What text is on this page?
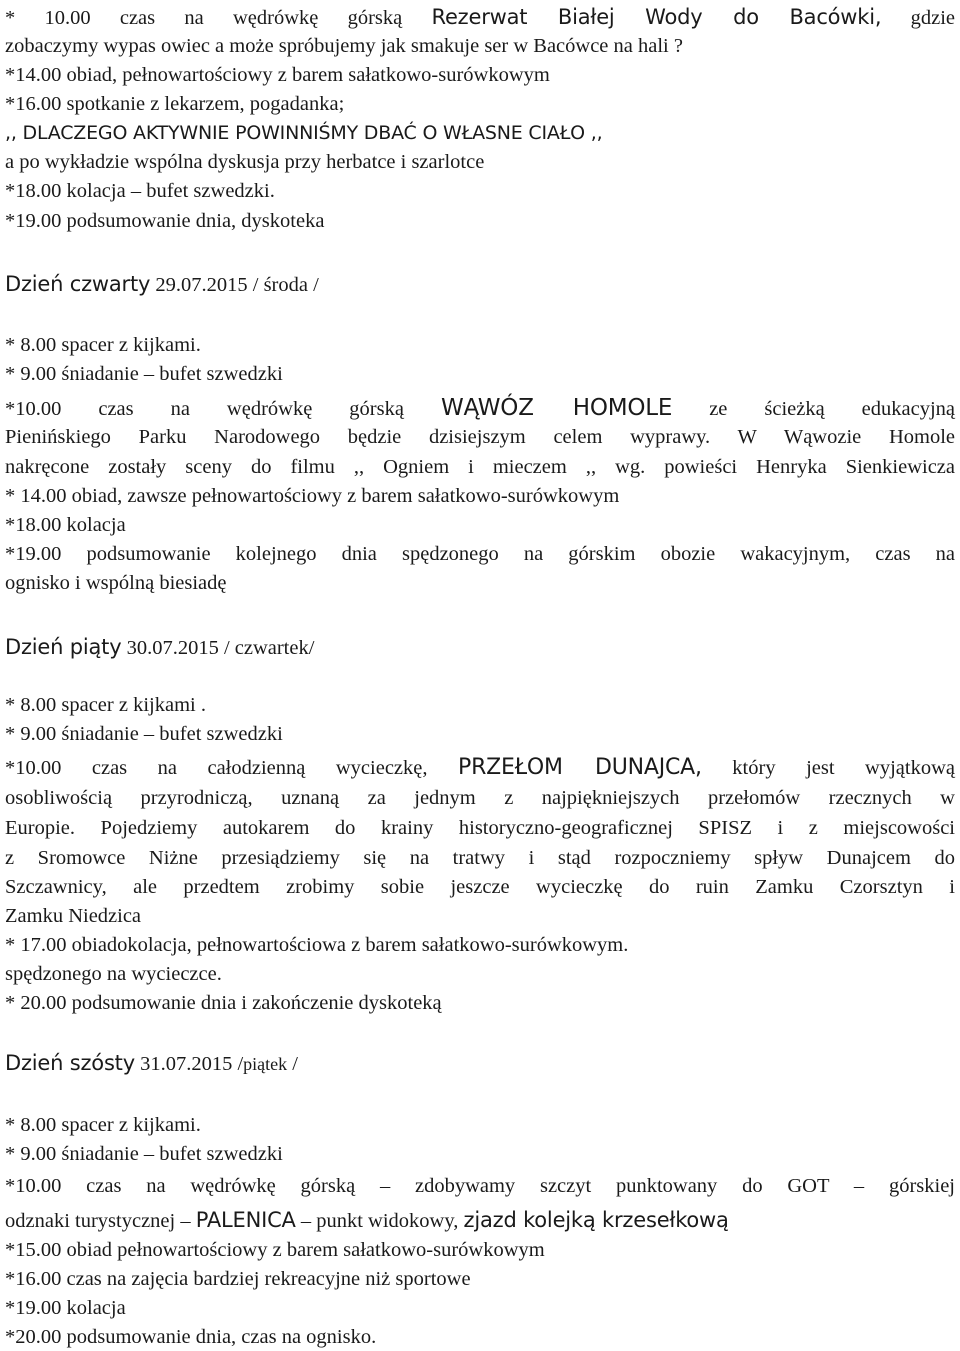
* 10.00 czas na wędrówkę górską Rezerwat Białej Wody do Bacówki, gdzie
zobaczymy wypas owiec a może spróbujemy jak smakuje ser w Bacówce na hali ?
*14.00 obiad, pełnowartościowy z barem sałatkowo-surówkowym
*16.00 spotkanie z lekarzem, pogadanka;
,, DLACZEGO AKTYWNIE POWINNIŚMY DBAĆ O WŁASNE CIAŁO ,,
a po wykładzie wspólna dyskusja przy herbatce i szarlotce
*18.00 kolacja – bufet szwedzki.
*19.00 podsumowanie dnia, dyskoteka
Dzień czwarty 29.07.2015 / środa /
* 8.00 spacer z kijkami.
* 9.00 śniadanie – bufet szwedzki
*10.00 czas na wędrówkę górską WĄWÓZ HOMOLE ze ścieżką edukacyjną
Pienińskiego Parku Narodowego będzie dzisiejszym celem wyprawy. W Wąwozie Homole
nakręcone zostały sceny do filmu ,, Ogniem i mieczem ,, wg. powieści Henryka Sienkiewicza
* 14.00 obiad, zawsze pełnowartościowy z barem sałatkowo-surówkowym
*18.00 kolacja
*19.00 podsumowanie kolejnego dnia spędzonego na górskim obozie wakacyjnym, czas na
ognisko i wspólną biesiadę
Dzień piąty 30.07.2015 / czwartek/
* 8.00 spacer z kijkami .
* 9.00 śniadanie – bufet szwedzki
*10.00 czas na całodzienną wycieczkę, PRZEŁOM DUNAJCA, który jest wyjątkową
osobliwością przyrodniczą, uznaną za jednym z najpiękniejszych przełomów rzecznych w
Europie. Pojedziemy autokarem do krainy historyczno-geograficznej SPISZ i z miejscowości
z Sromowce Niżne przesiądziemy się na tratwy i stąd rozpoczniemy spływ Dunajcem do
Szczawnicy, ale przedtem zrobimy sobie jeszcze wycieczkę do ruin Zamku Czorsztyn i
Zamku Niedzica
* 17.00 obiadokolacja, pełnowartościowa z barem sałatkowo-surówkowym.
spędzonego na wycieczce.
* 20.00 podsumowanie dnia i zakończenie dyskoteką
Dzień szósty 31.07.2015 /piątek /
* 8.00 spacer z kijkami.
* 9.00 śniadanie – bufet szwedzki
*10.00 czas na wędrówkę górską – zdobywamy szczyt punktowany do GOT – górskiej
odznaki turystycznej – PALENICA – punkt widokowy, zjazd kolejką krzesełkową
*15.00 obiad pełnowartościowy z barem sałatkowo-surówkowym
*16.00 czas na zajęcia bardziej rekreacyjne niż sportowe
*19.00 kolacja
*20.00 podsumowanie dnia, czas na ognisko.
